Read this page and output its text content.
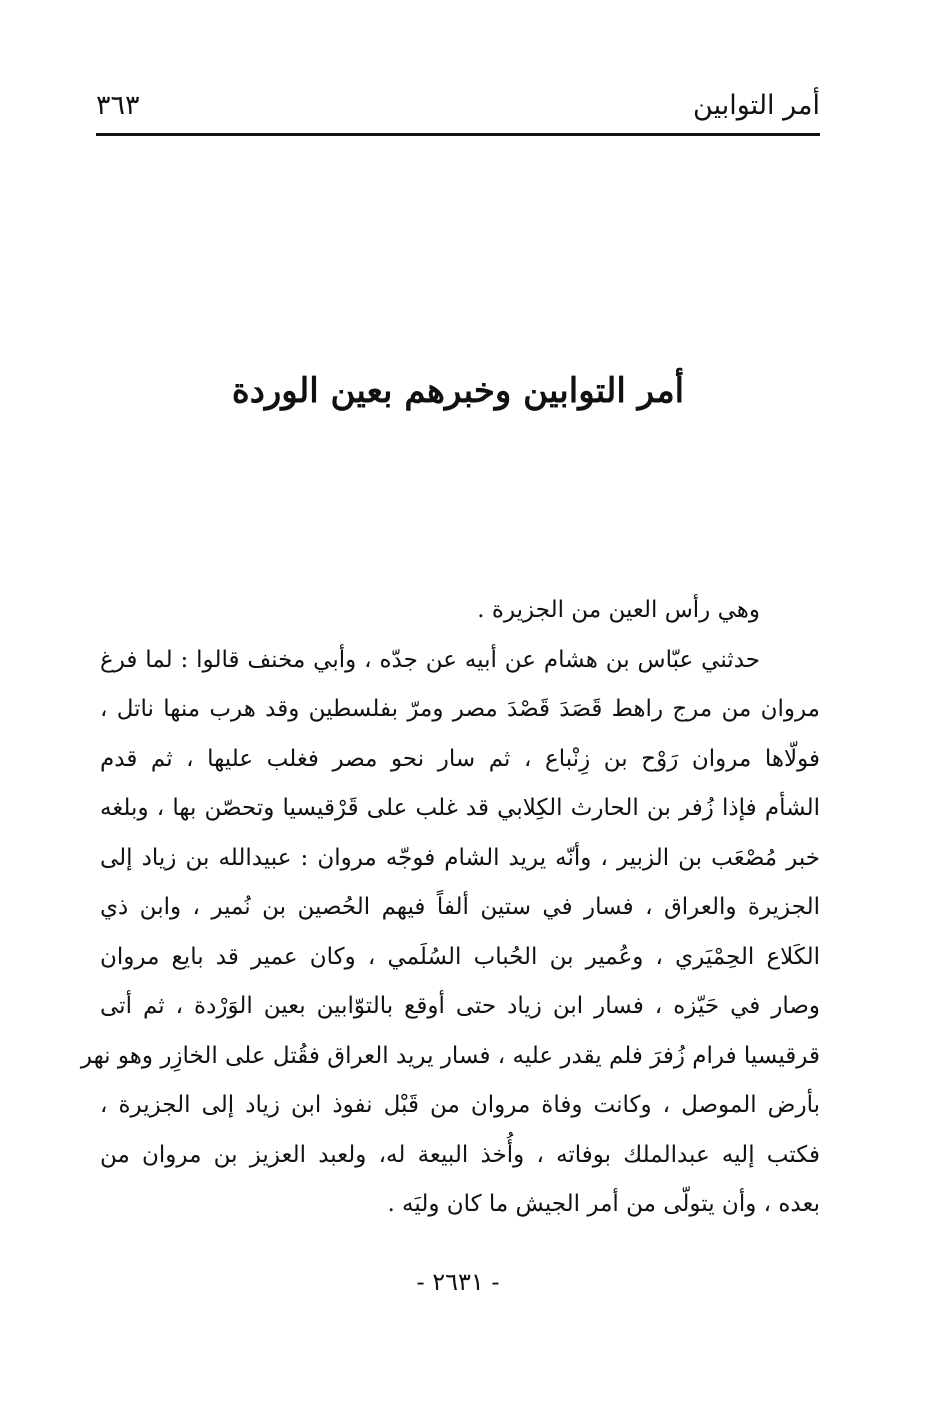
أمر التوابين
٣٦٣
أمر التوابين وخبرهم بعين الوردة
وهي رأس العين من الجزيرة .
حدثني عبّاس بن هشام عن أبيه عن جدّه ، وأبي مخنف قالوا : لما فرغ
مروان من مرج راهط قَصَدَ قَصْدَ مصر ومرّ بفلسطين وقد هرب منها ناتل ،
فولّاها مروان رَوْح بن زِنْباع ، ثم سار نحو مصر فغلب عليها ، ثم قدم
الشأم فإذا زُفر بن الحارث الكِلابي قد غلب على قَرْقيسيا وتحصّن بها ، وبلغه
خبر مُصْعَب بن الزبير ، وأنّه يريد الشام فوجّه مروان : عبيدالله بن زياد إلى
الجزيرة والعراق ، فسار في ستين ألفاً فيهم الحُصين بن نُمير ، وابن ذي
الكَلاع الحِمْيَري ، وعُمير بن الحُباب السُلَمي ، وكان عمير قد بايع مروان
وصار في حَيّزه ، فسار ابن زياد حتى أوقع بالتوّابين بعين الوَرْدة ، ثم أتى
قرقيسيا فرام زُفرَ فلم يقدر عليه ، فسار يريد العراق فقُتل على الخازِر وهو نهر
بأرض الموصل ، وكانت وفاة مروان من قَبْل نفوذ ابن زياد إلى الجزيرة ،
فكتب إليه عبدالملك بوفاته ، وأُخذ البيعة له، ولعبد العزيز بن مروان من
بعده ، وأن يتولّى من أمر الجيش ما كان وليَه .
- ٢٦٣١ -
